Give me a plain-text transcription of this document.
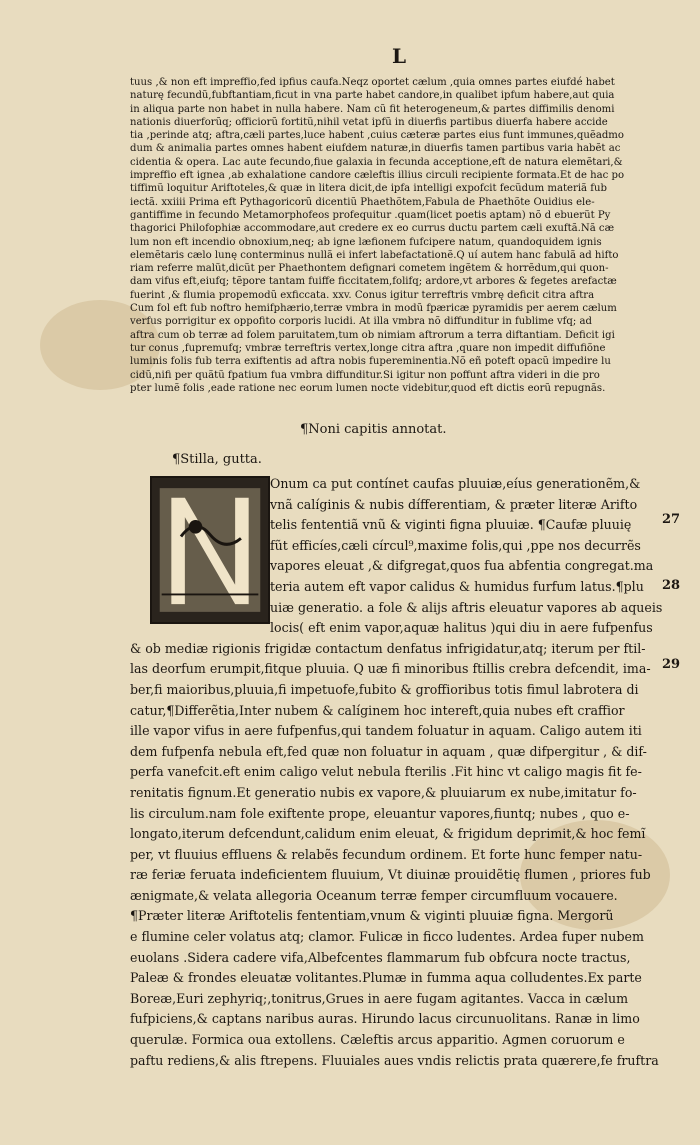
L
tuus ,& non eft impreffio,fed ipfius caufa.Neqz oportet cælum ,quia omnes partes eiufdé habet
naturę fecundũ,fubftantiam,ficut in vna parte habet candore,in qualibet ipfum habere,aut quia
in aliqua parte non habet in nulla habere. Nam cũ fit heterogeneum,& partes diffimilis denomi
nationis diuerforũq; officiorũ fortitũ,nihil vetat ipfũ in diuerfis partibus diuerfa habere accide
tia ,perinde atq; aftra,cæli partes,luce habent ,cuius cæteræ partes eius funt immunes,quẽadmo
dum & animalia partes omnes habent eiufdem naturæ,in diuerfis tamen partibus varia habẽt ac
cidentia & opera. Lac aute fecundo,fiue galaxia in fecunda acceptione,eft de natura elemẽtari,&
impreffio eft ignea ,ab exhalatione candore cæleftis illius circuli recipiente formata.Et de hac po
tiffimũ loquitur Ariftoteles,& quæ in litera dicit,de ipfa intelligi expofcit fecũdum materiã fub
iectã. xxiiii Prima eft Pythagoricorũ dicentiũ Phaethõtem,Fabula de Phaethõte Ouidius ele-
gantiffime in fecundo Metamorphofeos profequitur .quam(licet poetis aptam) nõ d ebuerũt Py
thagorici Philofophiæ accommodare,aut credere ex eo currus ductu partem cæli exuftã.Nã cæ
lum non eft incendio obnoxium,neq; ab igne læfionem fufcipere natum, quandoquidem ignis
elemẽtaris cælo lunę conterminus nullã ei infert labefactationẽ.Q uí autem hanc fabulã ad hifto
riam referre malũt,dicũt per Phaethontem defignari cometem ingẽtem & horrẽdum,qui quon-
dam vifus eft,eiufq; tẽpore tantam fuiffe ficcitatem,folifq; ardore,vt arbores & fegetes arefactæ
fuerint ,& flumia propemodũ exficcata. xxv. Conus igitur terreftris vmbrę deficit citra aftra
Cum fol eft fub noftro hemifphærio,terræ vmbra in modũ fpæricæ pyramidis per aerem cælum
verfus porrigitur ex oppofito corporis lucidi. At illa vmbra nõ diffunditur in fublime vfq; ad
aftra cum ob terræ ad folem paruitatem,tum ob nimiam aftrorum a terra diftantiam. Deficit igi
tur conus ,fupremufq; vmbræ terreftris vertex,longe citra aftra ,quare non impedit diffufiõne
luminis folis fub terra exiftentis ad aftra nobis fupereminentia.Nõ eñ poteft opacũ impedire lu
cidũ,nifi per quãtũ fpatium fua vmbra diffunditur.Si igitur non poffunt aftra videri in die pro
pter lumẽ folis ,eade ratione nec eorum lumen nocte videbitur,quod eft dictis eorũ repugnãs.
¶Noni capitis annotat.
¶Stilla, gutta.
Onum ca put contínet caufas pluuiæ,eíus generationẽm,&
vnã calíginis & nubis dífferentiam, & præter literæ Arifto
telis fententiã vnũ & viginti figna pluuiæ. ¶Caufæ pluuię
fũt efficíes,cæli círcul⁹,maxime folis,qui ,ppe nos decurrẽs
vapores eleuat ,& difgregat,quos fua abfentia congregat.ma
teria autem eft vapor calidus & humidus furfum latus.¶plu
uiæ generatio. a fole & alijs aftris eleuatur vapores ab aqueis
locis( eft enim vapor,aquæ halitus )qui diu in aere fufpenfus
& ob mediæ rigionis frigidæ contactum denfatus infrigidatur,atq; iterum per ftil-
las deorfum erumpit,fitque pluuia. Q uæ fi minoribus ftillis crebra defcendit, ima-
ber,fi maioribus,pluuia,fi impetuofe,fubito & groffioribus totis fimul labrotera di
catur,¶Differẽtia,Inter nubem & calíginem hoc intereft,quia nubes eft craffior
ille vapor vifus in aere fufpenfus,qui tandem foluatur in aquam. Caligo autem iti
dem fufpenfa nebula eft,fed quæ non foluatur in aquam , quæ difpergitur , & dif-
perfa vanefcit.eft enim caligo velut nebula fterilis .Fit hinc vt caligo magis fit fe-
renitatis fignum.Et generatio nubis ex vapore,& pluuiarum ex nube,imitatur fo-
lis circulum.nam fole exiftente prope, eleuantur vapores,fiuntq; nubes , quo e-
longato,iterum defcendunt,calidum enim eleuat, & frigidum deprimit,& hoc femĩ
per, vt fluuius effluens & relabẽs fecundum ordinem. Et forte hunc femper natu-
ræ feriæ feruata indeficientem fluuium, Vt diuinæ prouidẽtię flumen , priores fub
ænigmate,& velata allegoria Oceanum terræ femper circumfluum vocauere.
¶Præter literæ Ariftotelis fententiam,vnum & viginti pluuiæ figna. Mergorũ
e flumine celer volatus atq; clamor. Fulicæ in ficco ludentes. Ardea fuper nubem
euolans .Sidera cadere vifa,Albefcentes flammarum fub obfcura nocte tractus,
Paleæ & frondes eleuatæ volitantes.Plumæ in fumma aqua colludentes.Ex parte
Boreæ,Euri zephyriq;,tonitrus,Grues in aere fugam agitantes. Vacca in cælum
fufpiciens,& captans naribus auras. Hirundo lacus circunuolitans. Ranæ in limo
querulæ. Formica oua extollens. Cæleftis arcus apparitio. Agmen coruorum e
paftu rediens,& alis ftrepens. Fluuiales aues vndis relictis prata quærere,fe fruftra
27
28
29
